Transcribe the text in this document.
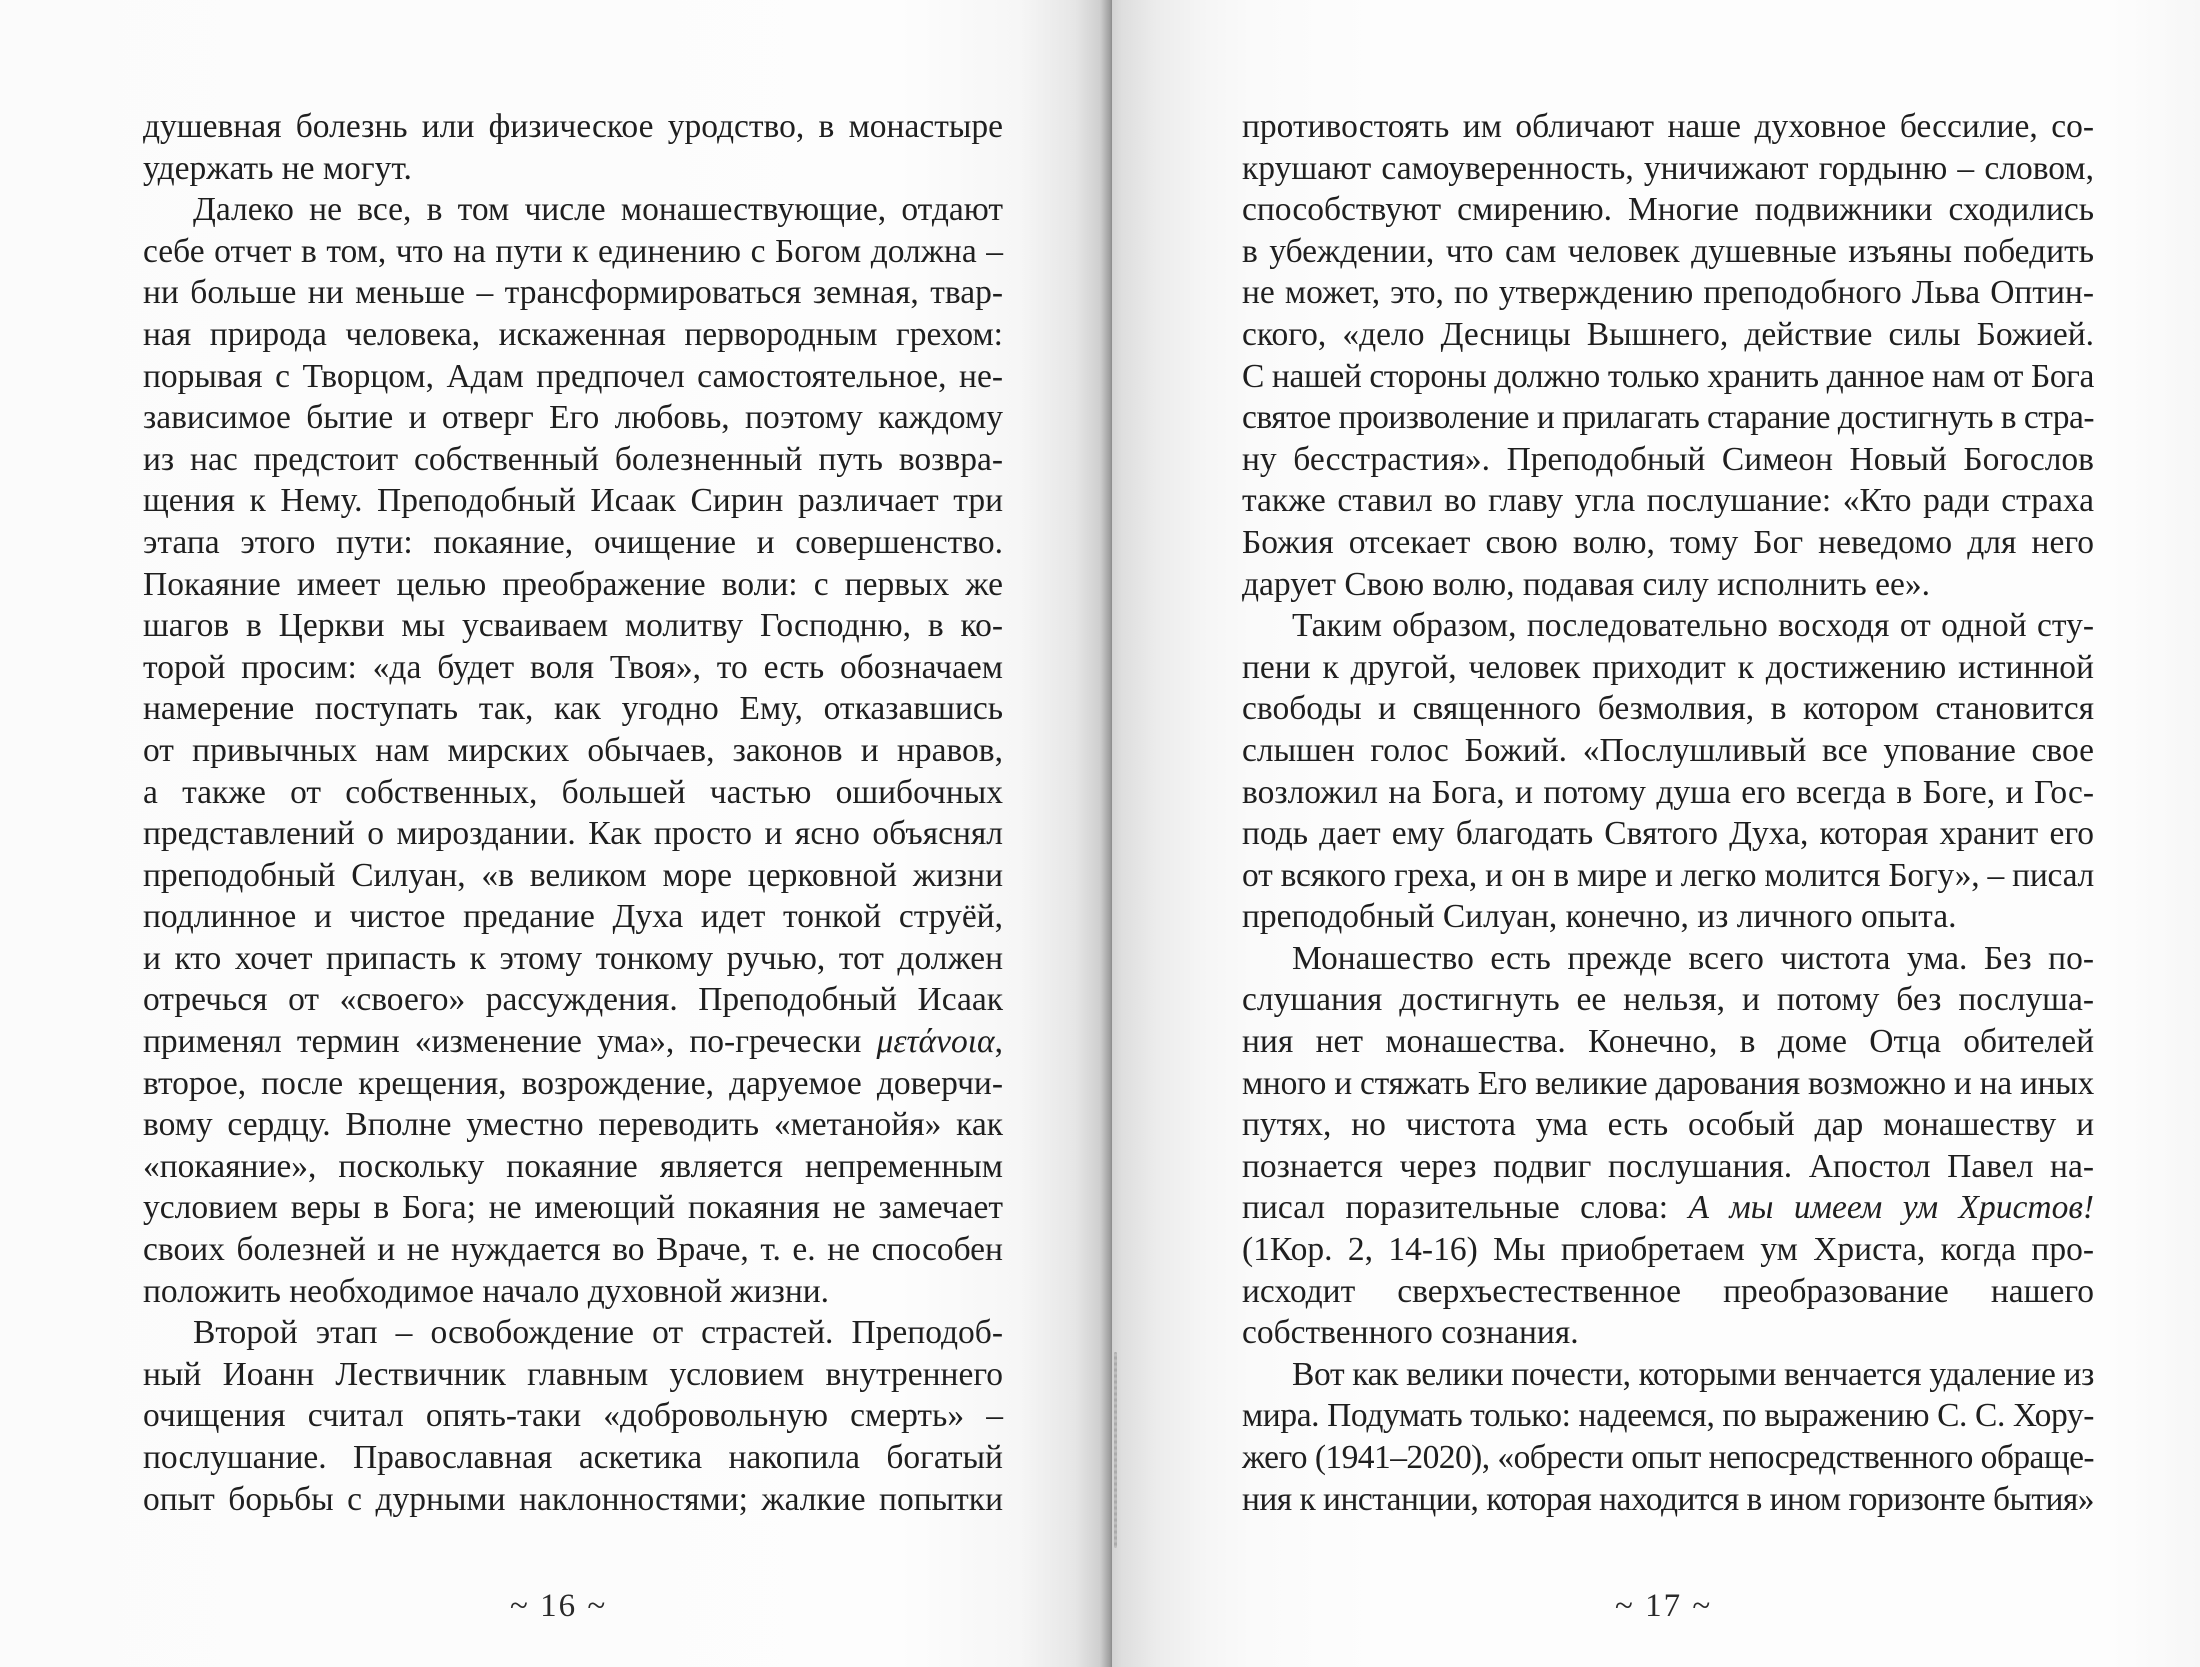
душевная болезнь или физическое уродство, в монастыре
удержать не могут.
Далеко не все, в том числе монашествующие, отдают
себе отчет в том, что на пути к единению с Богом должна –
ни больше ни меньше – трансформироваться земная, твар-
ная природа человека, искаженная первородным грехом:
порывая с Творцом, Адам предпочел самостоятельное, не-
зависимое бытие и отверг Его любовь, поэтому каждому
из нас предстоит собственный болезненный путь возвра-
щения к Нему. Преподобный Исаак Сирин различает три
этапа этого пути: покаяние, очищение и совершенство.
Покаяние имеет целью преображение воли: с первых же
шагов в Церкви мы усваиваем молитву Господню, в ко-
торой просим: «да будет воля Твоя», то есть обозначаем
намерение поступать так, как угодно Ему, отказавшись
от привычных нам мирских обычаев, законов и нравов,
а также от собственных, большей частью ошибочных
представлений о мироздании. Как просто и ясно объяснял
преподобный Силуан, «в великом море церковной жизни
подлинное и чистое предание Духа идет тонкой струёй,
и кто хочет припасть к этому тонкому ручью, тот должен
отречься от «своего» рассуждения. Преподобный Исаак
применял термин «изменение ума», по-гречески μετάνοια,
второе, после крещения, возрождение, даруемое доверчи-
вому сердцу. Вполне уместно переводить «метанойя» как
«покаяние», поскольку покаяние является непременным
условием веры в Бога; не имеющий покаяния не замечает
своих болезней и не нуждается во Враче, т. е. не способен
положить необходимое начало духовной жизни.
Второй этап – освобождение от страстей. Преподоб-
ный Иоанн Лествичник главным условием внутреннего
очищения считал опять-таки «добровольную смерть» –
послушание. Православная аскетика накопила богатый
опыт борьбы с дурными наклонностями; жалкие попытки
~ 16 ~
противостоять им обличают наше духовное бессилие, со-
крушают самоуверенность, уничижают гордыню – словом,
способствуют смирению. Многие подвижники сходились
в убеждении, что сам человек душевные изъяны победить
не может, это, по утверждению преподобного Льва Оптин-
ского, «дело Десницы Вышнего, действие силы Божией.
С нашей стороны должно только хранить данное нам от Бога
святое произволение и прилагать старание достигнуть в стра-
ну бесстрастия». Преподобный Симеон Новый Богослов
также ставил во главу угла послушание: «Кто ради страха
Божия отсекает свою волю, тому Бог неведомо для него
дарует Свою волю, подавая силу исполнить ее».
Таким образом, последовательно восходя от одной сту-
пени к другой, человек приходит к достижению истинной
свободы и священного безмолвия, в котором становится
слышен голос Божий. «Послушливый все упование свое
возложил на Бога, и потому душа его всегда в Боге, и Гос-
подь дает ему благодать Святого Духа, которая хранит его
от всякого греха, и он в мире и легко молится Богу», – писал
преподобный Силуан, конечно, из личного опыта.
Монашество есть прежде всего чистота ума. Без по-
слушания достигнуть ее нельзя, и потому без послуша-
ния нет монашества. Конечно, в доме Отца обителей
много и стяжать Его великие дарования возможно и на иных
путях, но чистота ума есть особый дар монашеству и
познается через подвиг послушания. Апостол Павел на-
писал поразительные слова: А мы имеем ум Христов!
(1Кор. 2, 14-16) Мы приобретаем ум Христа, когда про-
исходит сверхъестественное преобразование нашего
собственного сознания.
Вот как велики почести, которыми венчается удаление из
мира. Подумать только: надеемся, по выражению С. С. Хору-
жего (1941–2020), «обрести опыт непосредственного обраще-
ния к инстанции, которая находится в ином горизонте бытия»
~ 17 ~
